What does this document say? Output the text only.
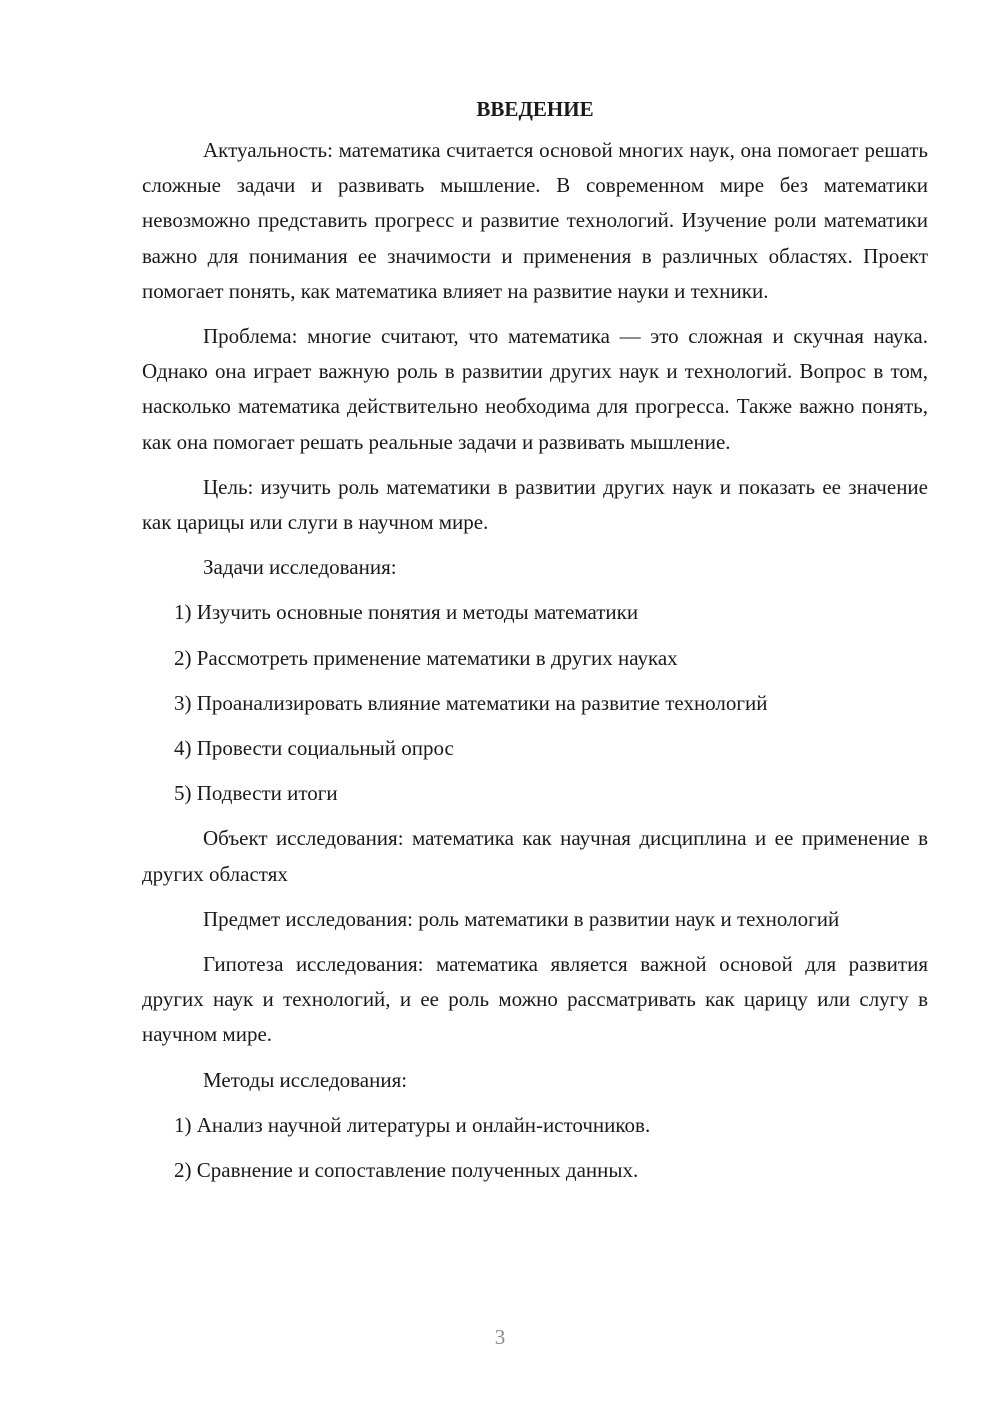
ВВЕДЕНИЕ

Актуальность: математика считается основой многих наук, она помогает решать сложные задачи и развивать мышление. В современном мире без математики невозможно представить прогресс и развитие технологий. Изучение роли математики важно для понимания ее значимости и применения в различных областях. Проект помогает понять, как математика влияет на развитие науки и техники.

Проблема: многие считают, что математика — это сложная и скучная наука. Однако она играет важную роль в развитии других наук и технологий. Вопрос в том, насколько математика действительно необходима для прогресса. Также важно понять, как она помогает решать реальные задачи и развивать мышление.

Цель: изучить роль математики в развитии других наук и показать ее значение как царицы или слуги в научном мире.

Задачи исследования:

1) Изучить основные понятия и методы математики

2) Рассмотреть применение математики в других науках

3) Проанализировать влияние математики на развитие технологий

4) Провести социальный опрос

5) Подвести итоги

Объект исследования: математика как научная дисциплина и ее применение в других областях

Предмет исследования: роль математики в развитии наук и технологий

Гипотеза исследования: математика является важной основой для развития других наук и технологий, и ее роль можно рассматривать как царицу или слугу в научном мире.

Методы исследования:

1) Анализ научной литературы и онлайн-источников.

2) Сравнение и сопоставление полученных данных.

3
